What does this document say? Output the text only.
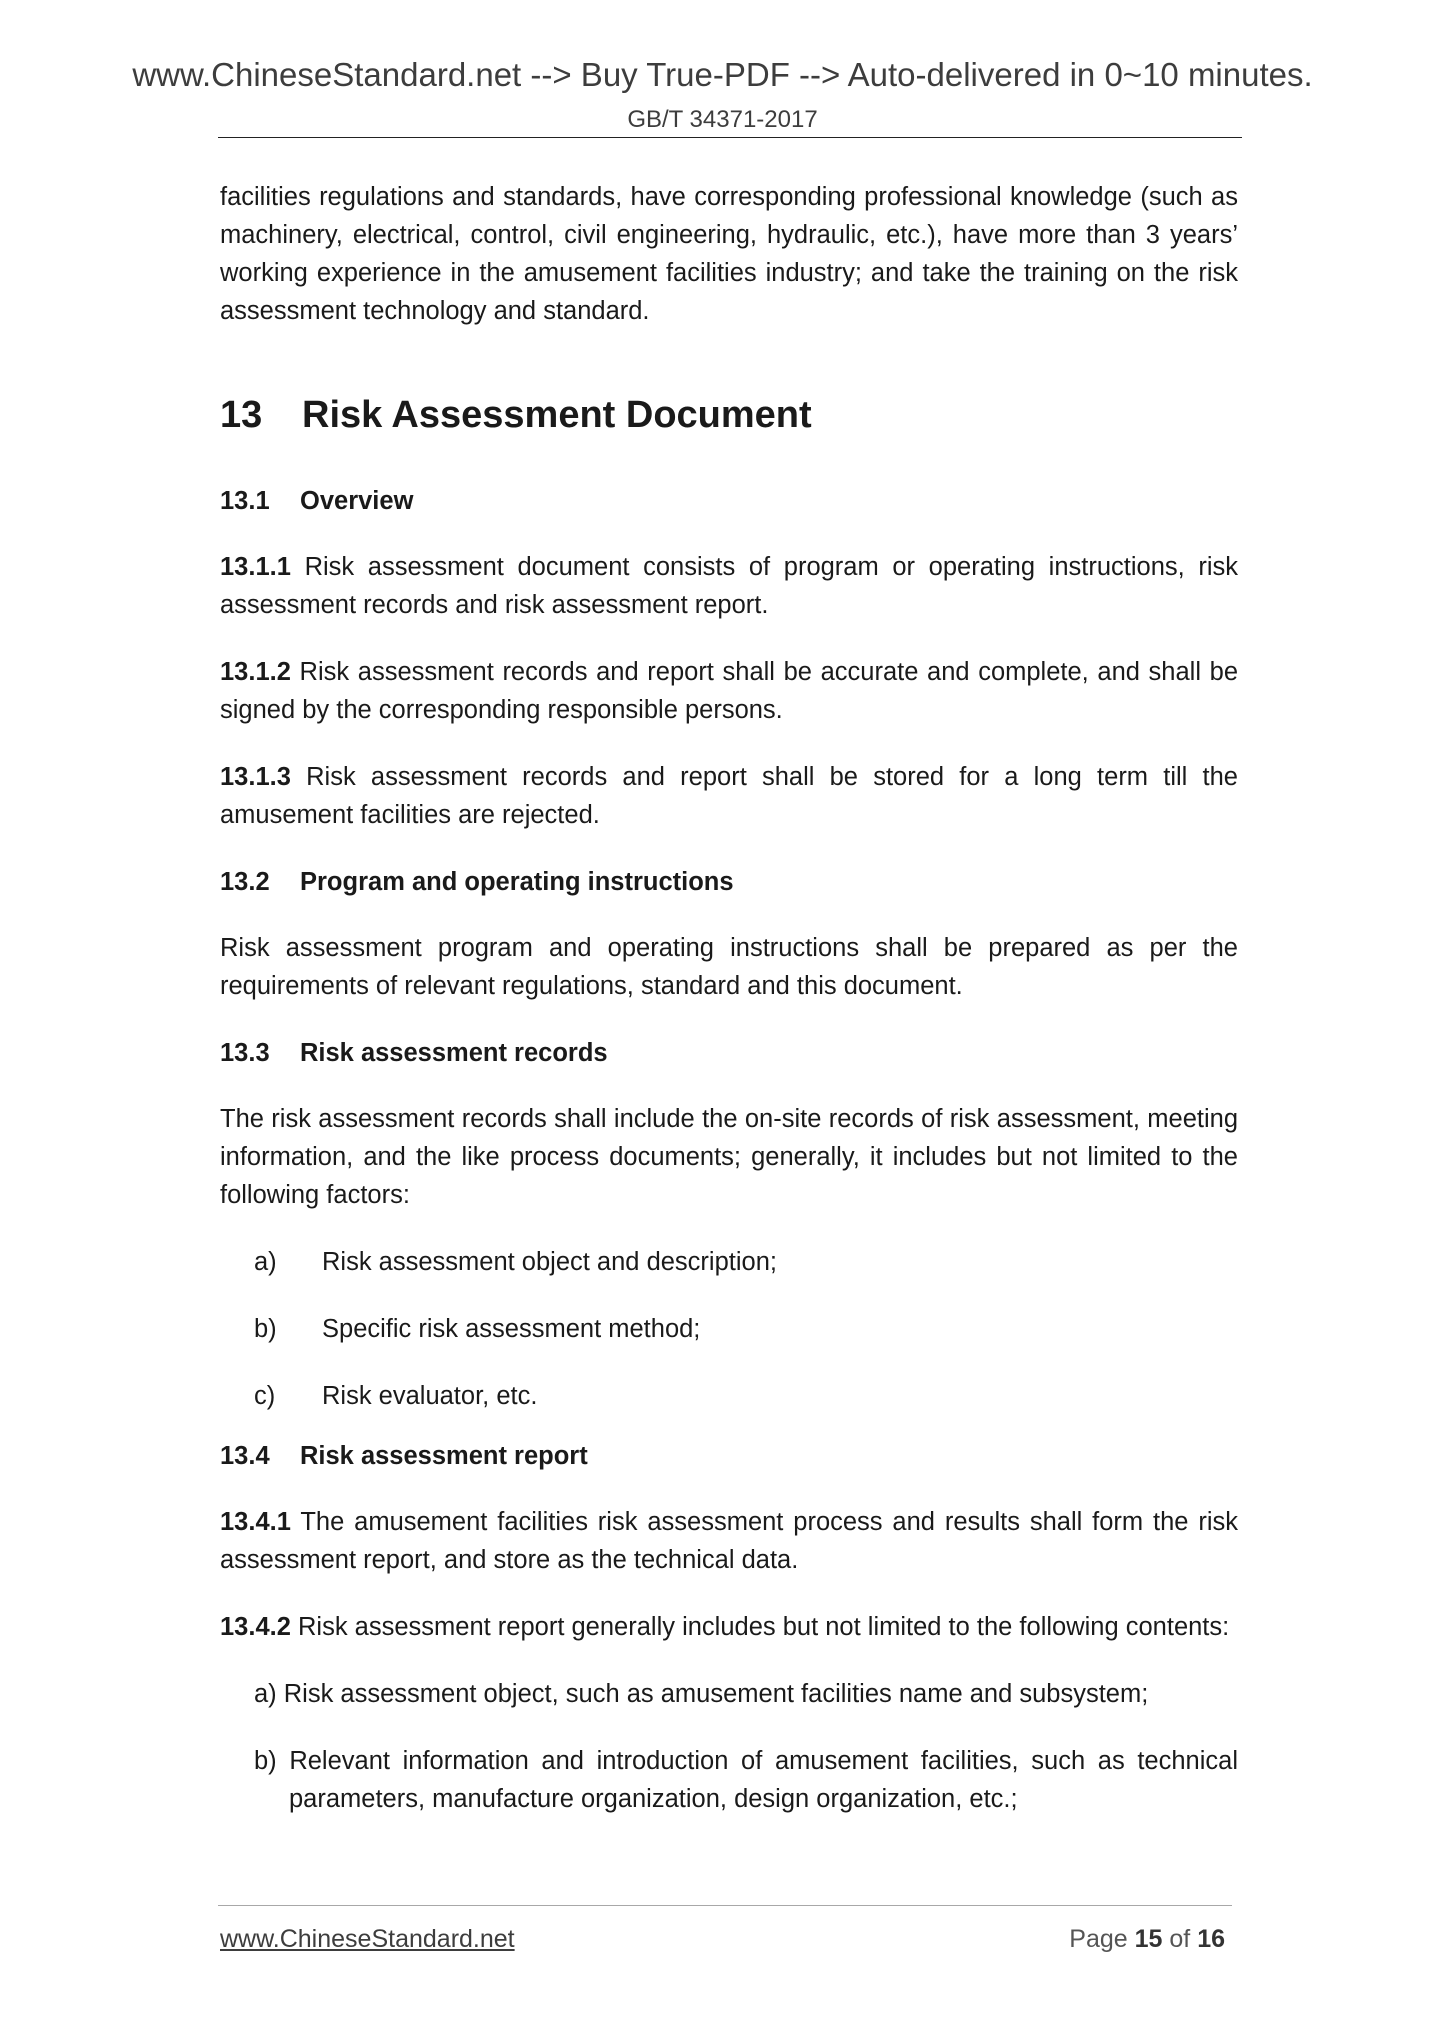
www.ChineseStandard.net --> Buy True-PDF --> Auto-delivered in 0~10 minutes.
GB/T 34371-2017

facilities regulations and standards, have corresponding professional knowledge (such as machinery, electrical, control, civil engineering, hydraulic, etc.), have more than 3 years’ working experience in the amusement facilities industry; and take the training on the risk assessment technology and standard.

13 Risk Assessment Document
13.1 Overview

13.1.1 Risk assessment document consists of program or operating instructions, risk assessment records and risk assessment report.

13.1.2 Risk assessment records and report shall be accurate and complete, and shall be signed by the corresponding responsible persons.

13.1.3 Risk assessment records and report shall be stored for a long term till the amusement facilities are rejected.

13.2 Program and operating instructions

Risk assessment program and operating instructions shall be prepared as per the requirements of relevant regulations, standard and this document.

13.3 Risk assessment records

The risk assessment records shall include the on-site records of risk assessment, meeting information, and the like process documents; generally, it includes but not limited to the following factors:

a) Risk assessment object and description;
b) Specific risk assessment method;
c) Risk evaluator, etc.
13.4 Risk assessment report

13.4.1 The amusement facilities risk assessment process and results shall form the risk assessment report, and store as the technical data.

13.4.2 Risk assessment report generally includes but not limited to the following contents:

a) Risk assessment object, such as amusement facilities name and subsystem;

b) Relevant information and introduction of amusement facilities, such as technical parameters, manufacture organization, design organization, etc.;

www.ChineseStandard.net	Page 15 of 16
